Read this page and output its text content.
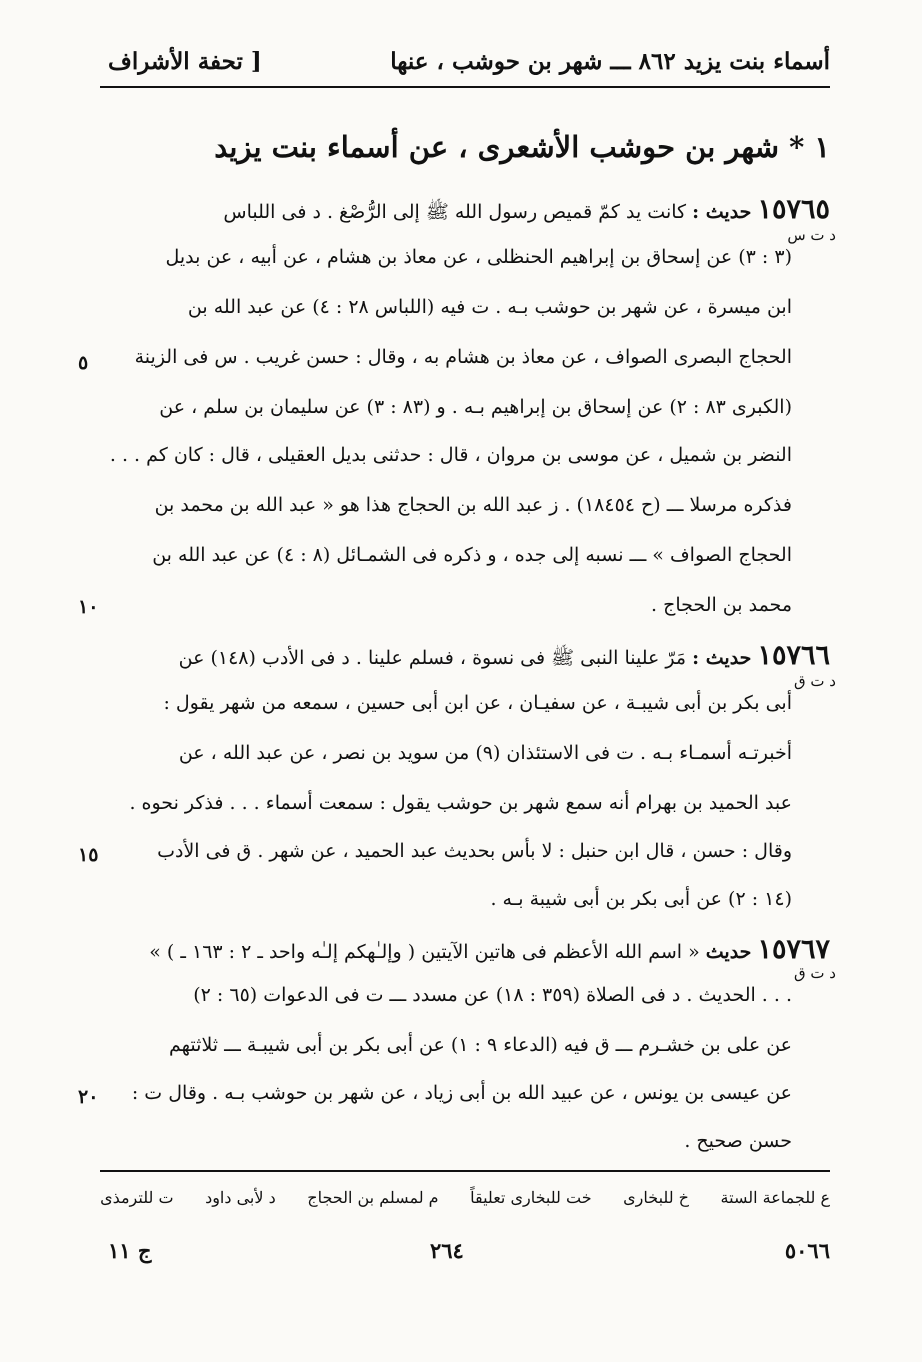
أسماء بنت يزيد ٨٦٢ ـــ شهر بن حوشب ، عنها
[ تحفة الأشراف
١ * شهر بن حوشب الأشعرى ، عن أسماء بنت يزيد
١٥٧٦٥ حديث : كانت يد كمّ قميص رسول الله ﷺ إلى الرُّصْغ . د فى اللباس
د ت س
(٣ : ٣) عن إسحاق بن إبراهيم الحنظلى ، عن معاذ بن هشام ، عن أبيه ، عن بديل
ابن ميسرة ، عن شهر بن حوشب بـه . ت فيه (اللباس ٢٨ : ٤) عن عبد الله بن
الحجاج البصرى الصواف ، عن معاذ بن هشام به ، وقال : حسن غريب . س فى الزينة
(الكبرى ٨٣ : ٢) عن إسحاق بن إبراهيم بـه . و (٨٣ : ٣) عن سليمان بن سلم ، عن
النضر بن شميل ، عن موسى بن مروان ، قال : حدثنى بديل العقيلى ، قال : كان كم . . .
فذكره مرسلا ـــ (ح ١٨٤٥٤) . ز عبد الله بن الحجاج هذا هو « عبد الله بن محمد بن
الحجاج الصواف » ـــ نسبه إلى جده ، و ذكره فى الشمـائل (٨ : ٤) عن عبد الله بن
محمد بن الحجاج .
١٥٧٦٦ حديث : مَرّ علينا النبى ﷺ فى نسوة ، فسلم علينا . د فى الأدب (١٤٨) عن
د ت ق
أبى بكر بن أبى شيبـة ، عن سفيـان ، عن ابن أبى حسين ، سمعه من شهر يقول :
أخبرتـه أسمـاء بـه . ت فى الاستئذان (٩) من سويد بن نصر ، عن عبد الله ، عن
عبد الحميد بن بهرام أنه سمع شهر بن حوشب يقول : سمعت أسماء . . . فذكر نحوه .
وقال : حسن ، قال ابن حنبل : لا بأس بحديث عبد الحميد ، عن شهر . ق فى الأدب
(١٤ : ٢) عن أبى بكر بن أبى شيبة بـه .
١٥٧٦٧ حديث « اسم الله الأعظم فى هاتين الآيتين ( وإلـٰهكم إلـٰه واحد ـ ٢ : ١٦٣ ـ ) »
د ت ق
. . . الحديث . د فى الصلاة (٣٥٩ : ١٨) عن مسدد ـــ ت فى الدعوات (٦٥ : ٢)
عن على بن خشـرم ـــ ق فيه (الدعاء ٩ : ١) عن أبى بكر بن أبى شيبـة ـــ ثلاثتهم
عن عيسى بن يونس ، عن عبيد الله بن أبى زياد ، عن شهر بن حوشب بـه . وقال ت :
حسن صحيح .
٥
١٠
١٥
٢٠
ع للجماعة الستة
خ للبخارى
خت للبخارى تعليقاً
م لمسلم بن الحجاج
د لأبى داود
ت للترمذى
٥٠٦٦
٢٦٤
ج ١١
